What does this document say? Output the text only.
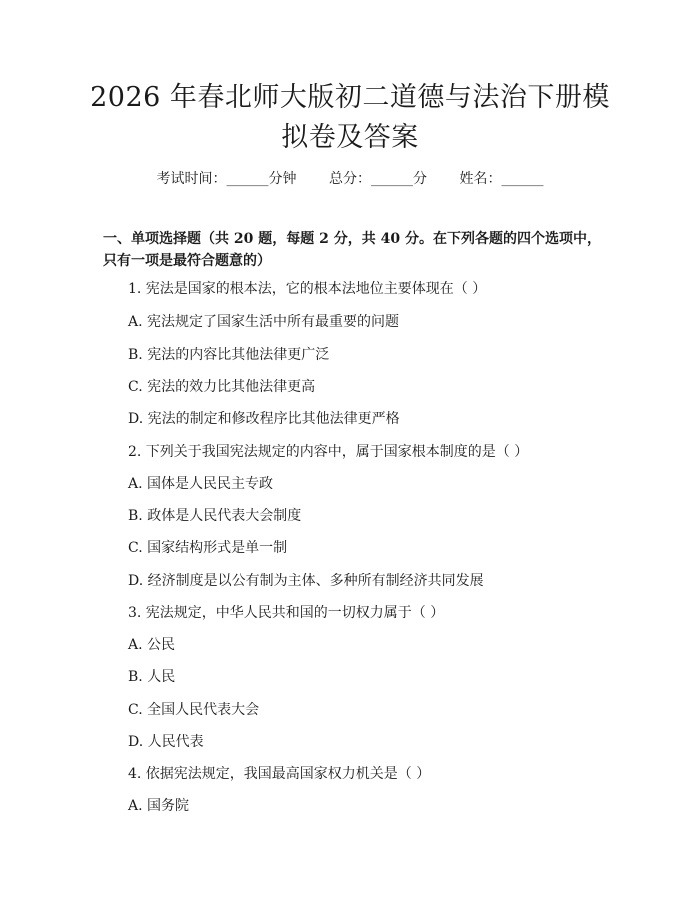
2026 年春北师大版初二道德与法治下册模拟卷及答案
考试时间：______分钟 总分：______分 姓名：______
一、单项选择题（共 20 题，每题 2 分，共 40 分。在下列各题的四个选项中，只有一项是最符合题意的）
1. 宪法是国家的根本法，它的根本法地位主要体现在（ ）
A. 宪法规定了国家生活中所有最重要的问题
B. 宪法的内容比其他法律更广泛
C. 宪法的效力比其他法律更高
D. 宪法的制定和修改程序比其他法律更严格
2. 下列关于我国宪法规定的内容中，属于国家根本制度的是（ ）
A. 国体是人民民主专政
B. 政体是人民代表大会制度
C. 国家结构形式是单一制
D. 经济制度是以公有制为主体、多种所有制经济共同发展
3. 宪法规定，中华人民共和国的一切权力属于（ ）
A. 公民
B. 人民
C. 全国人民代表大会
D. 人民代表
4. 依据宪法规定，我国最高国家权力机关是（ ）
A. 国务院
